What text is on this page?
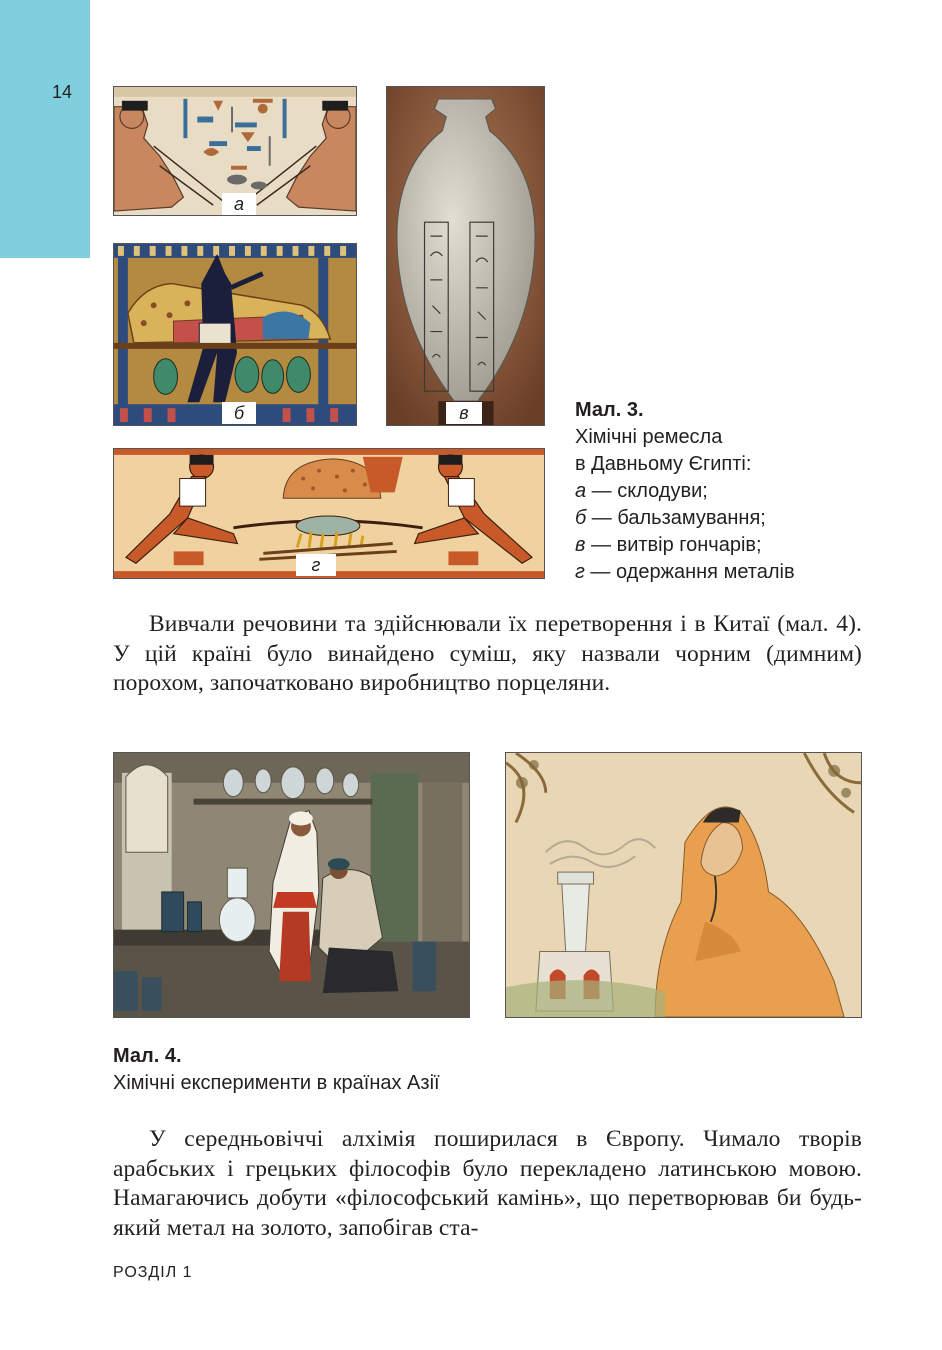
14
а
б	в
г
Мал. 3.
Хімічні ремесла
в Давньому Єгипті:
а — склодуви;
б — бальзамування;
в — витвір гончарів;
г — одержання металів

Вивчали речовини та здійснювали їх перетворення і в Китаї (мал. 4). У цій країні було винайдено суміш, яку назвали чорним (димним) порохом, започатковано виробництво порцеляни.

Мал. 4.
Хімічні експерименти в країнах Азії

У середньовіччі алхімія поширилася в Європу. Чимало творів арабських і грецьких філософів було перекладено латинською мовою. Намагаючись добути «філософський камінь», що перетворював би будь-який метал на золото, запобігав ста-

РОЗДІЛ 1
